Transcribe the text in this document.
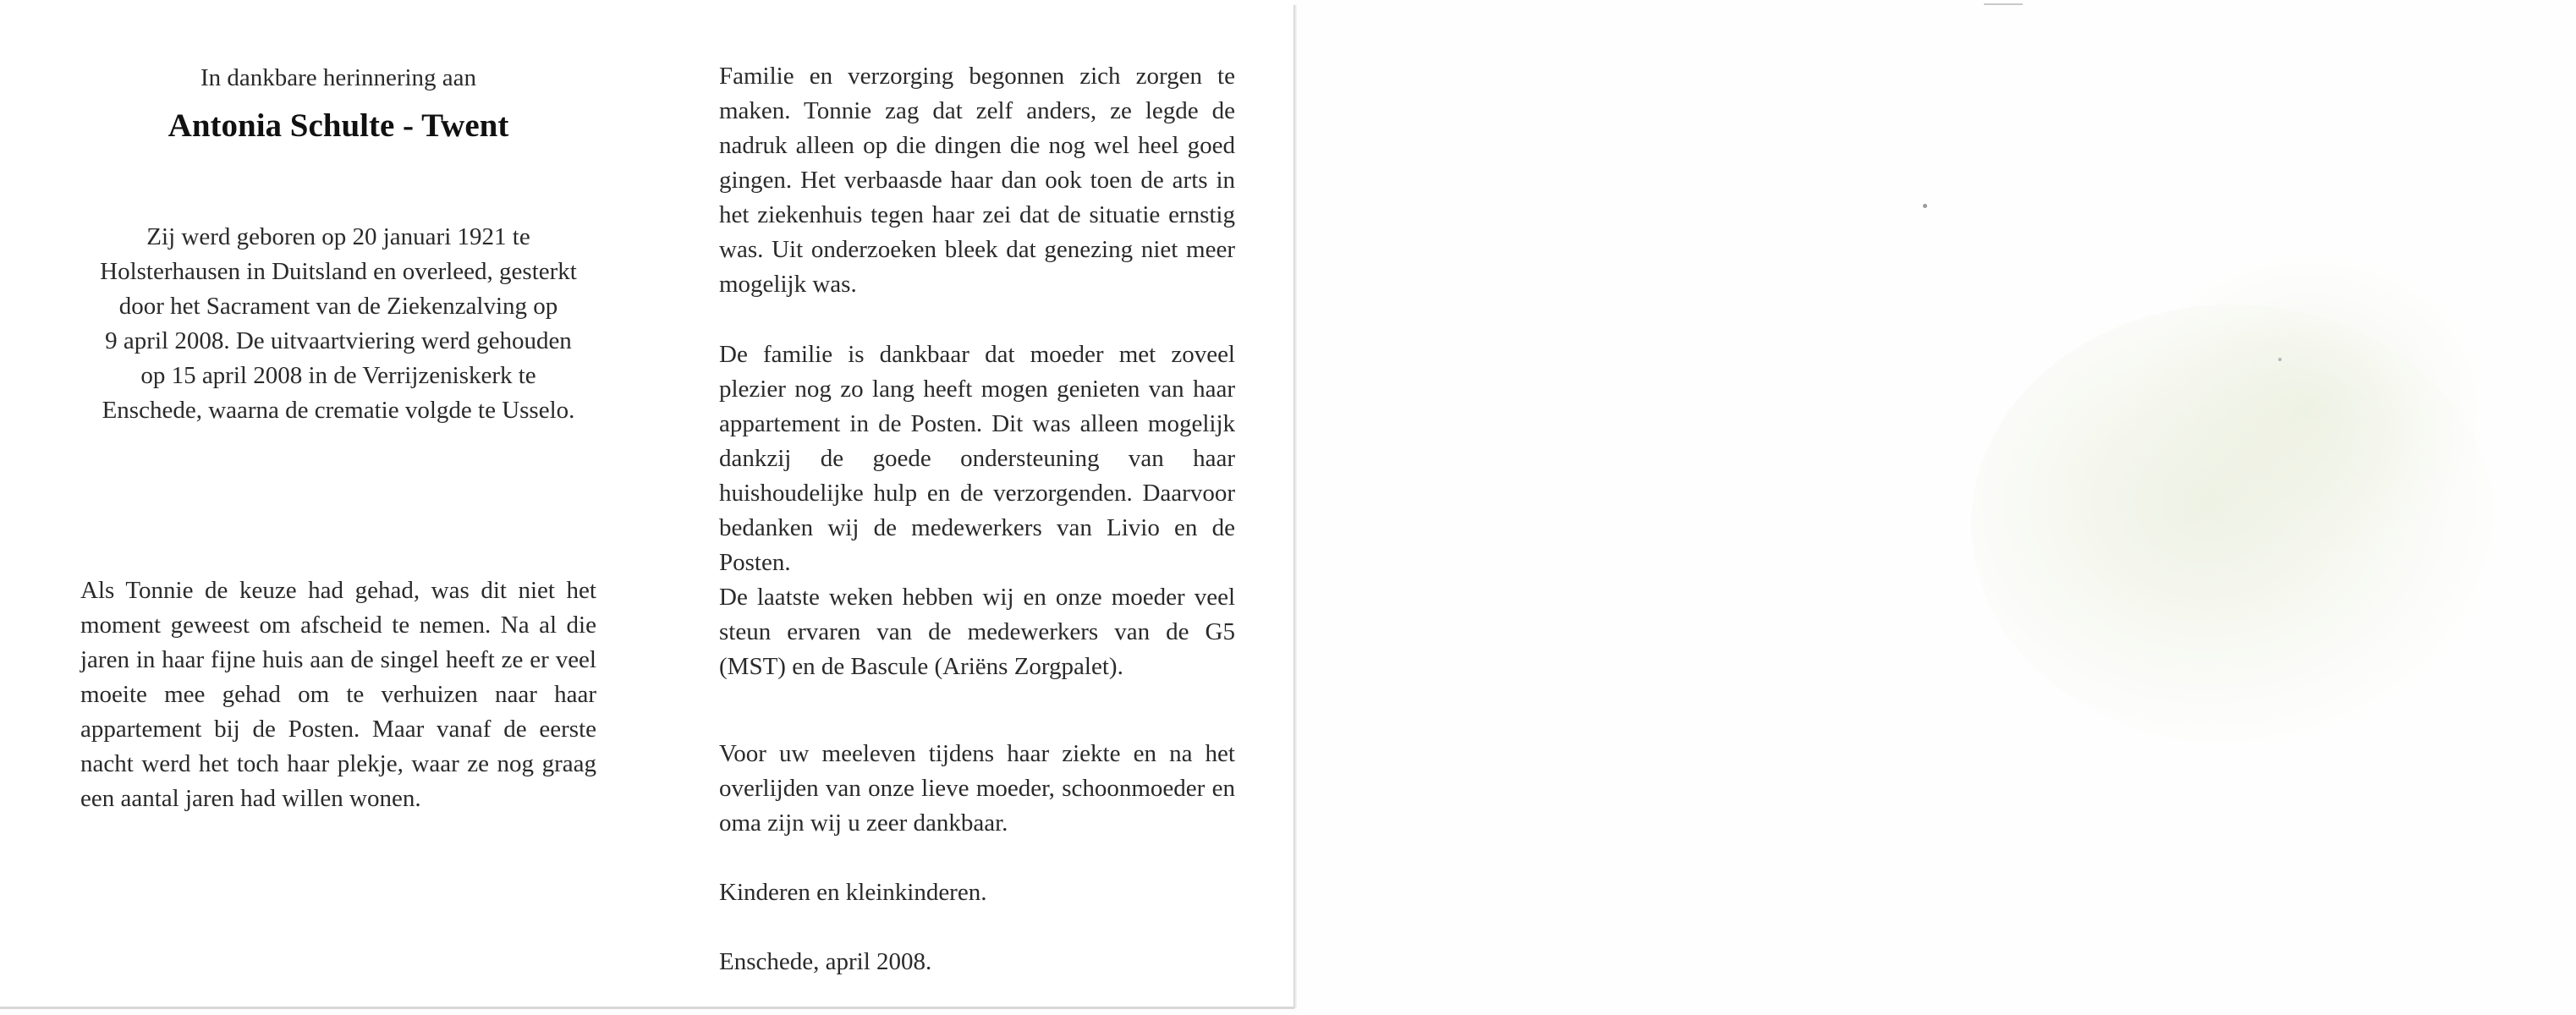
In dankbare herinnering aan

Antonia Schulte - Twent

Zij werd geboren op 20 januari 1921 te
Holsterhausen in Duitsland en overleed, gesterkt
door het Sacrament van de Ziekenzalving op
9 april 2008. De uitvaartviering werd gehouden
op 15 april 2008 in de Verrijzeniskerk te
Enschede, waarna de crematie volgde te Usselo.

Als Tonnie de keuze had gehad, was dit niet het moment geweest om afscheid te nemen. Na al die jaren in haar fijne huis aan de singel heeft ze er veel moeite mee gehad om te verhuizen naar haar appartement bij de Posten. Maar vanaf de eerste nacht werd het toch haar plekje, waar ze nog graag een aantal jaren had willen wonen.

Familie en verzorging begonnen zich zorgen te maken. Tonnie zag dat zelf anders, ze legde de nadruk alleen op die dingen die nog wel heel goed gingen. Het verbaasde haar dan ook toen de arts in het ziekenhuis tegen haar zei dat de situatie ernstig was. Uit onderzoeken bleek dat genezing niet meer mogelijk was.

De familie is dankbaar dat moeder met zoveel plezier nog zo lang heeft mogen genieten van haar appartement in de Posten. Dit was alleen mogelijk dankzij de goede ondersteuning van haar huishoudelijke hulp en de verzorgenden. Daarvoor bedanken wij de medewerkers van Livio en de Posten.

De laatste weken hebben wij en onze moeder veel steun ervaren van de medewerkers van de G5 (MST) en de Bascule (Ariëns Zorgpalet).

Voor uw meeleven tijdens haar ziekte en na het overlijden van onze lieve moeder, schoonmoeder en oma zijn wij u zeer dankbaar.

Kinderen en kleinkinderen.

Enschede, april 2008.
